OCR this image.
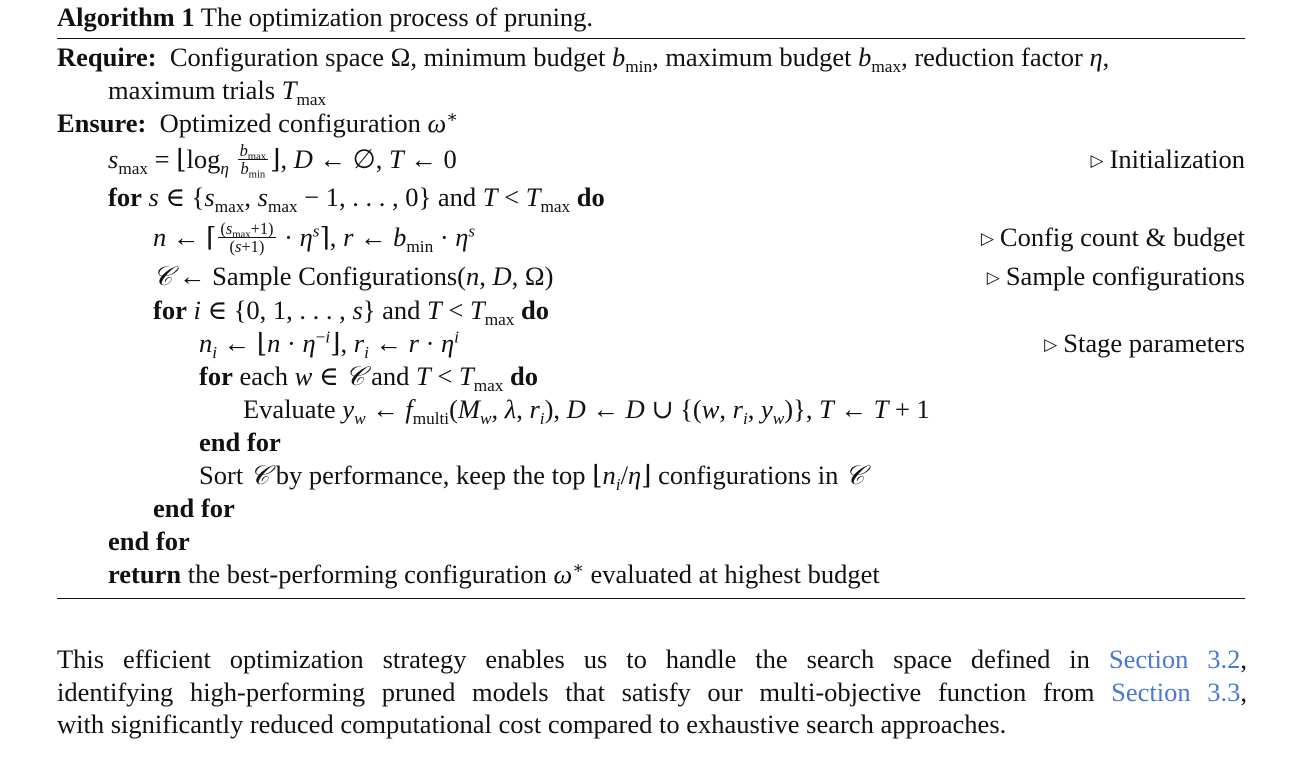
Algorithm 1 The optimization process of pruning.
Require: Configuration space Ω, minimum budget $b_{min}$, maximum budget $b_{max}$, reduction factor η,
maximum trials $T_{max}$
Ensure: Optimized configuration ω∗
$s_{max}$ = $⌊\log_\eta \frac{b_{max}}{b_{min}}$ ⌋, D ← ∅, T ← 0	▷ Initialization
for s ∈ {$s_{max}$, $s_{max} - 1$, . . . , 0} and $T < T_{max}$ do
n ← ⌈ $\frac{(s_{max}+1)}{(s+1)}$ · $\eta^s⌉$, r ← $b_{min} \cdot \eta^s$	▷ Config count & budget
𝒞 ← Sample Configurations(n, D, Ω)	▷ Sample configurations
for i ∈ {0, 1, . . . , s} and $T < T_{max}$ do
$n_i$ ← ⌊n · $\eta^{-i}⌋$, $r_i$ ← $r \cdot \eta^i$	▷ Stage parameters
for each w ∈ 𝒞 and $T < T_{max}$ do
Evaluate $y_w$ ← $f_{multi}(M_w$, λ, $r_i$), D ← D ∪ {(w, $r_i$, $y_w$)}, T ← T + 1
end for
Sort 𝒞 by performance, keep the top $⌊n_i/\eta⌋$ configurations in 𝒞
end for
end for
return the best-performing configuration ω∗ evaluated at highest budget
This efficient optimization strategy enables us to handle the search space defined in Section 3.2,
identifying high-performing pruned models that satisfy our multi-objective function from Section 3.3,
with significantly reduced computational cost compared to exhaustive search approaches.
